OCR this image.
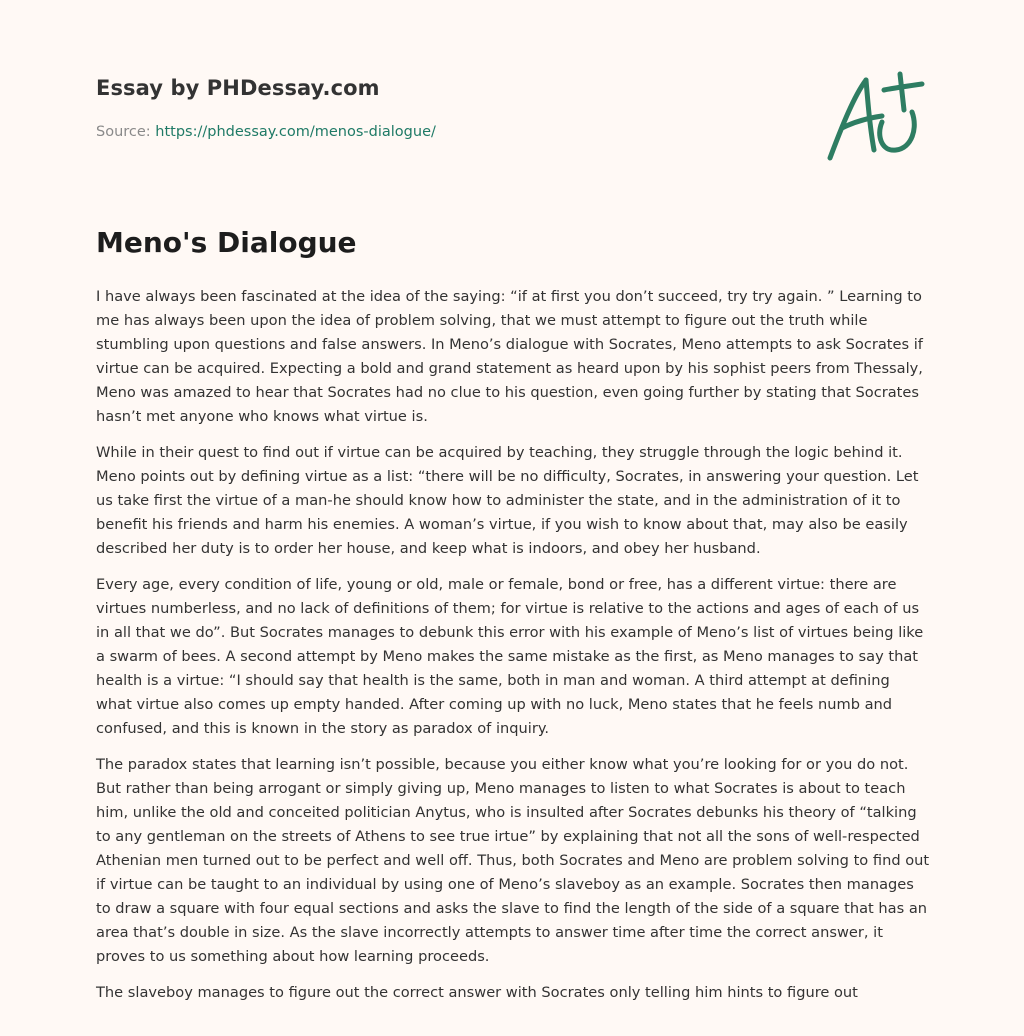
Essay by PHDessay.com
Source: https://phdessay.com/menos-dialogue/
Meno's Dialogue

I have always been fascinated at the idea of the saying: “if at first you don’t succeed, try try again. ” Learning to me has always been upon the idea of problem solving, that we must attempt to figure out the truth while stumbling upon questions and false answers. In Meno’s dialogue with Socrates, Meno attempts to ask Socrates if virtue can be acquired. Expecting a bold and grand statement as heard upon by his sophist peers from Thessaly, Meno was amazed to hear that Socrates had no clue to his question, even going further by stating that Socrates hasn’t met anyone who knows what virtue is.

While in their quest to find out if virtue can be acquired by teaching, they struggle through the logic behind it. Meno points out by defining virtue as a list: “there will be no difficulty, Socrates, in answering your question. Let us take first the virtue of a man-he should know how to administer the state, and in the administration of it to benefit his friends and harm his enemies. A woman’s virtue, if you wish to know about that, may also be easily described her duty is to order her house, and keep what is indoors, and obey her husband.

Every age, every condition of life, young or old, male or female, bond or free, has a different virtue: there are virtues numberless, and no lack of definitions of them; for virtue is relative to the actions and ages of each of us in all that we do”. But Socrates manages to debunk this error with his example of Meno’s list of virtues being like a swarm of bees. A second attempt by Meno makes the same mistake as the first, as Meno manages to say that health is a virtue: “I should say that health is the same, both in man and woman. A third attempt at defining what virtue also comes up empty handed. After coming up with no luck, Meno states that he feels numb and confused, and this is known in the story as paradox of inquiry.

The paradox states that learning isn’t possible, because you either know what you’re looking for or you do not. But rather than being arrogant or simply giving up, Meno manages to listen to what Socrates is about to teach him, unlike the old and conceited politician Anytus, who is insulted after Socrates debunks his theory of “talking to any gentleman on the streets of Athens to see true irtue” by explaining that not all the sons of well-respected Athenian men turned out to be perfect and well off. Thus, both Socrates and Meno are problem solving to find out if virtue can be taught to an individual by using one of Meno’s slaveboy as an example. Socrates then manages to draw a square with four equal sections and asks the slave to find the length of the side of a square that has an area that’s double in size. As the slave incorrectly attempts to answer time after time the correct answer, it proves to us something about how learning proceeds.

The slaveboy manages to figure out the correct answer with Socrates only telling him hints to figure out
